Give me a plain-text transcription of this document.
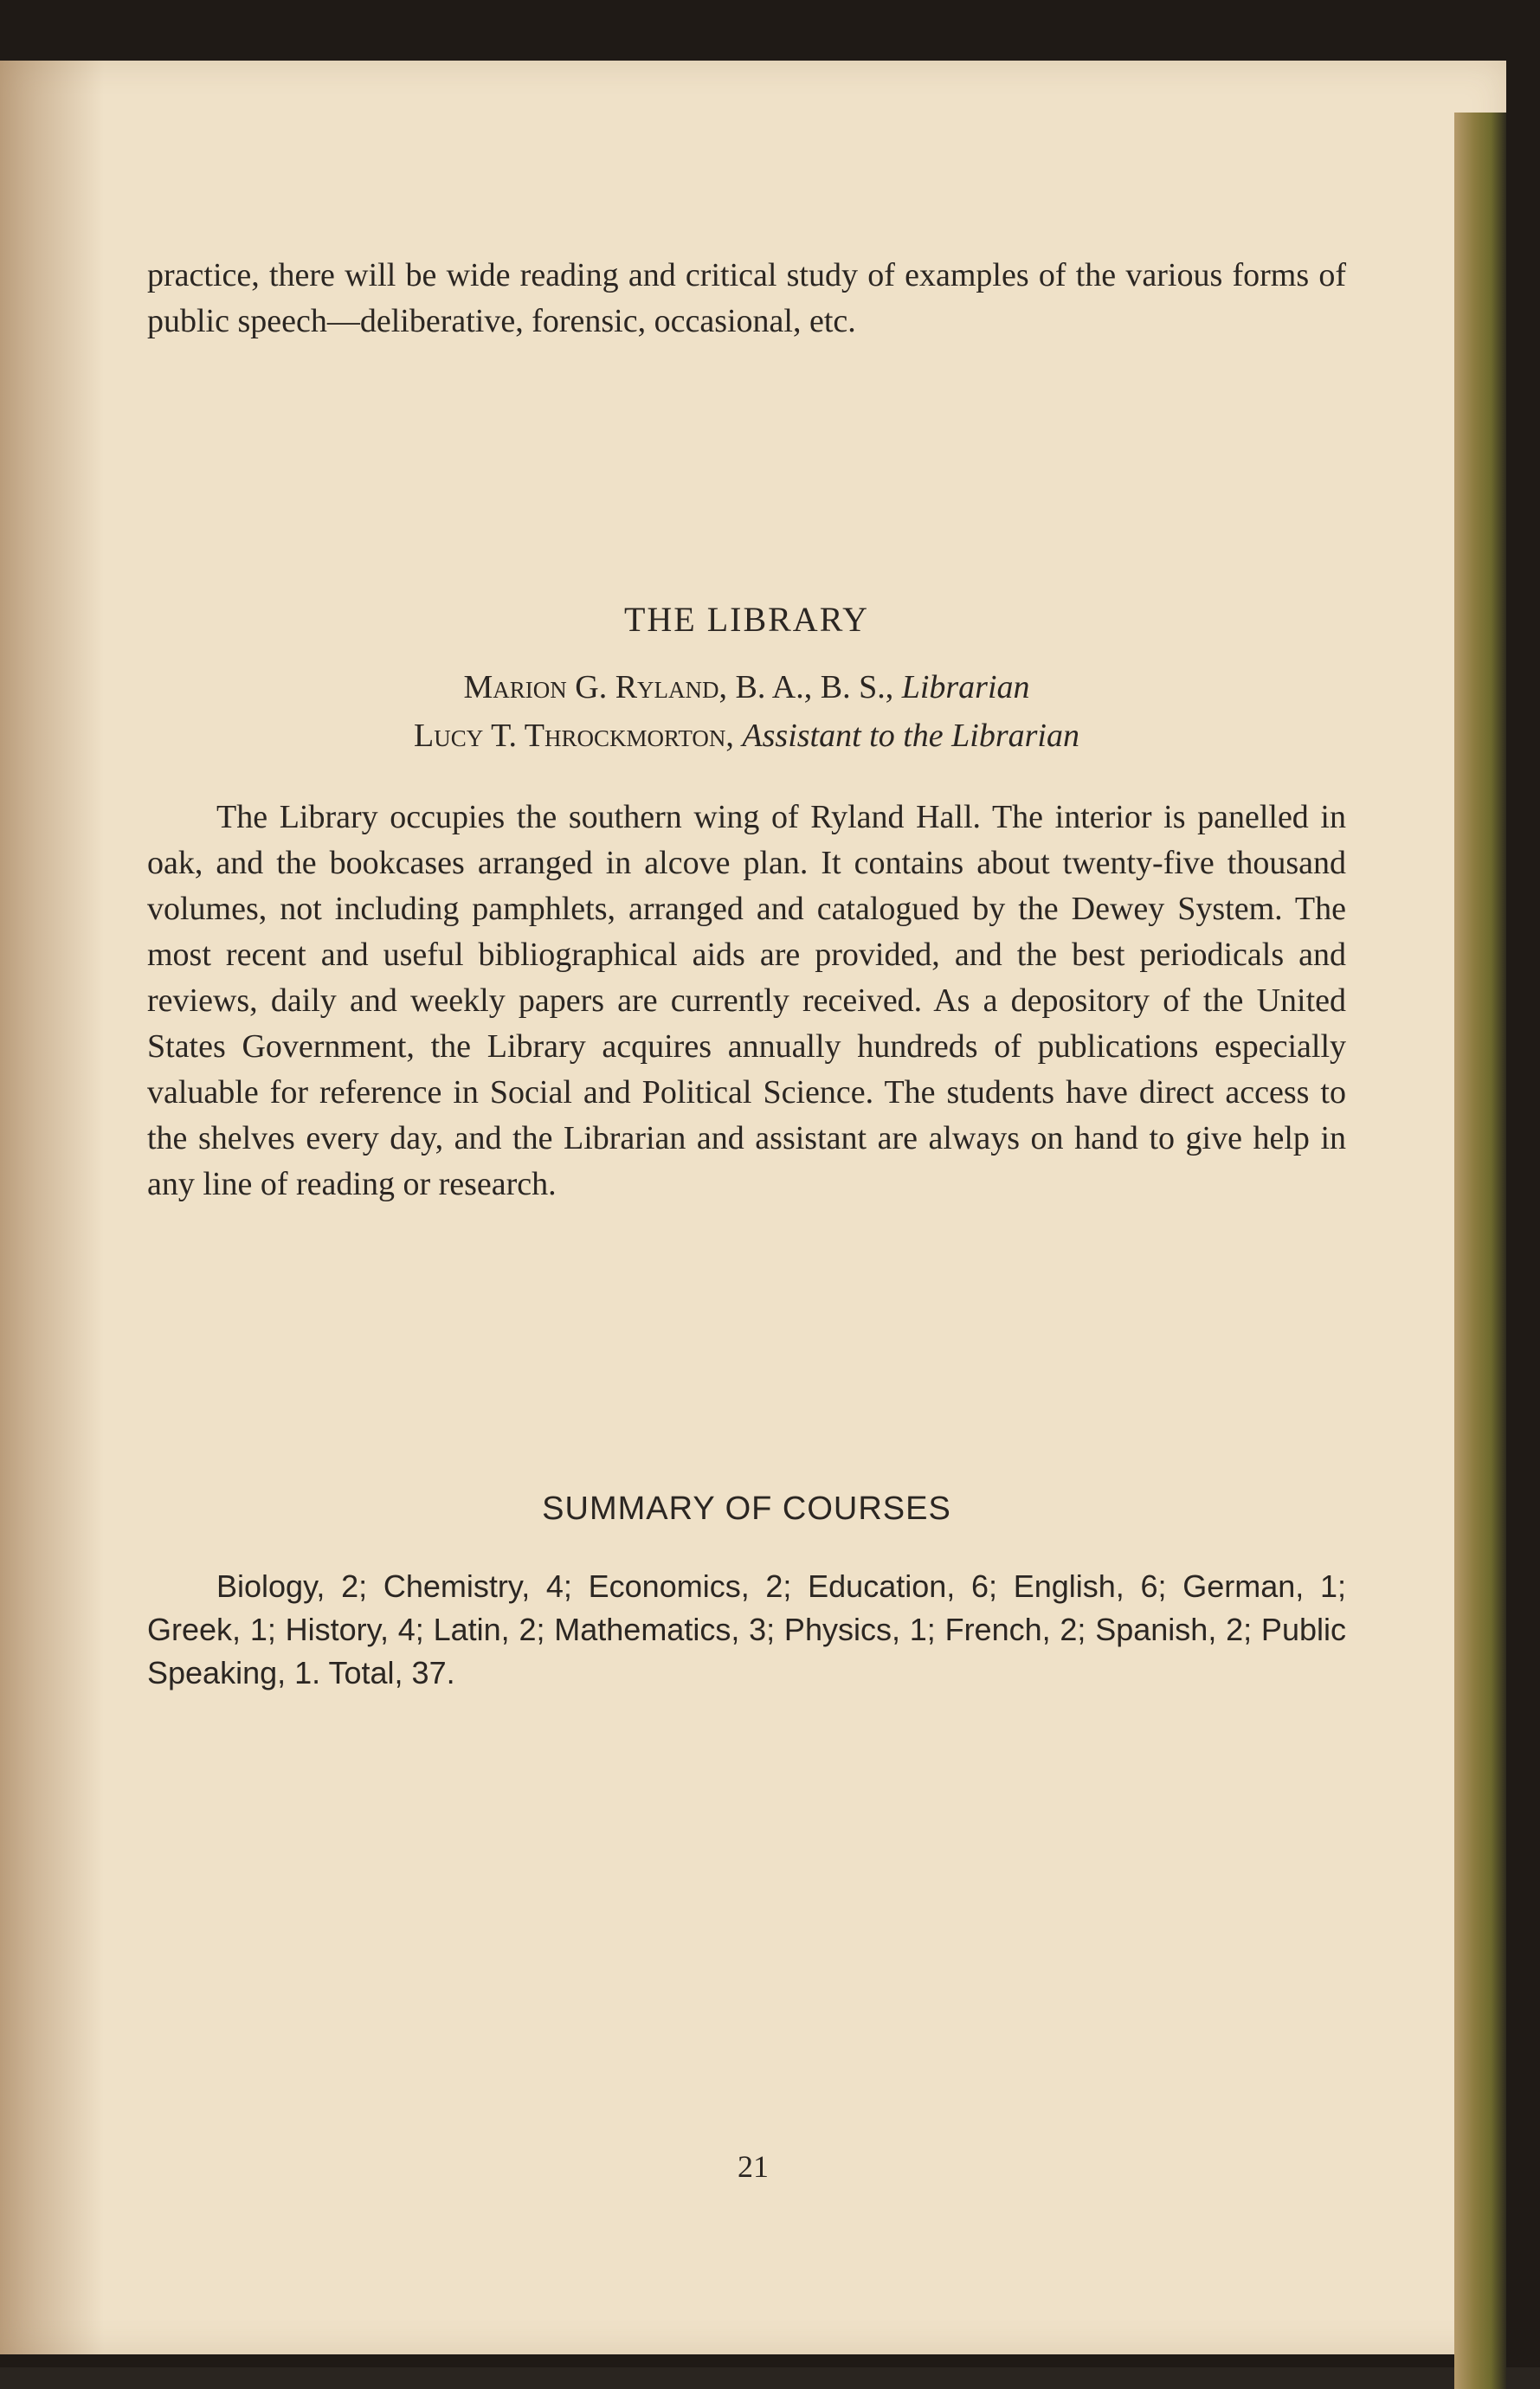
practice, there will be wide reading and critical study of examples of the various forms of public speech—deliberative, forensic, occasional, etc.

THE LIBRARY
Marion G. Ryland, B. A., B. S., Librarian
Lucy T. Throckmorton, Assistant to the Librarian

The Library occupies the southern wing of Ryland Hall. The interior is panelled in oak, and the bookcases arranged in alcove plan. It contains about twenty-five thousand volumes, not including pamphlets, arranged and catalogued by the Dewey System. The most recent and useful bibliographical aids are provided, and the best periodicals and reviews, daily and weekly papers are currently received. As a depository of the United States Government, the Library acquires annually hundreds of publications especially valuable for reference in Social and Political Science. The students have direct access to the shelves every day, and the Librarian and assistant are always on hand to give help in any line of reading or research.

SUMMARY OF COURSES

Biology, 2; Chemistry, 4; Economics, 2; Education, 6; English, 6; German, 1; Greek, 1; History, 4; Latin, 2; Mathematics, 3; Physics, 1; French, 2; Spanish, 2; Public Speaking, 1. Total, 37.

21
